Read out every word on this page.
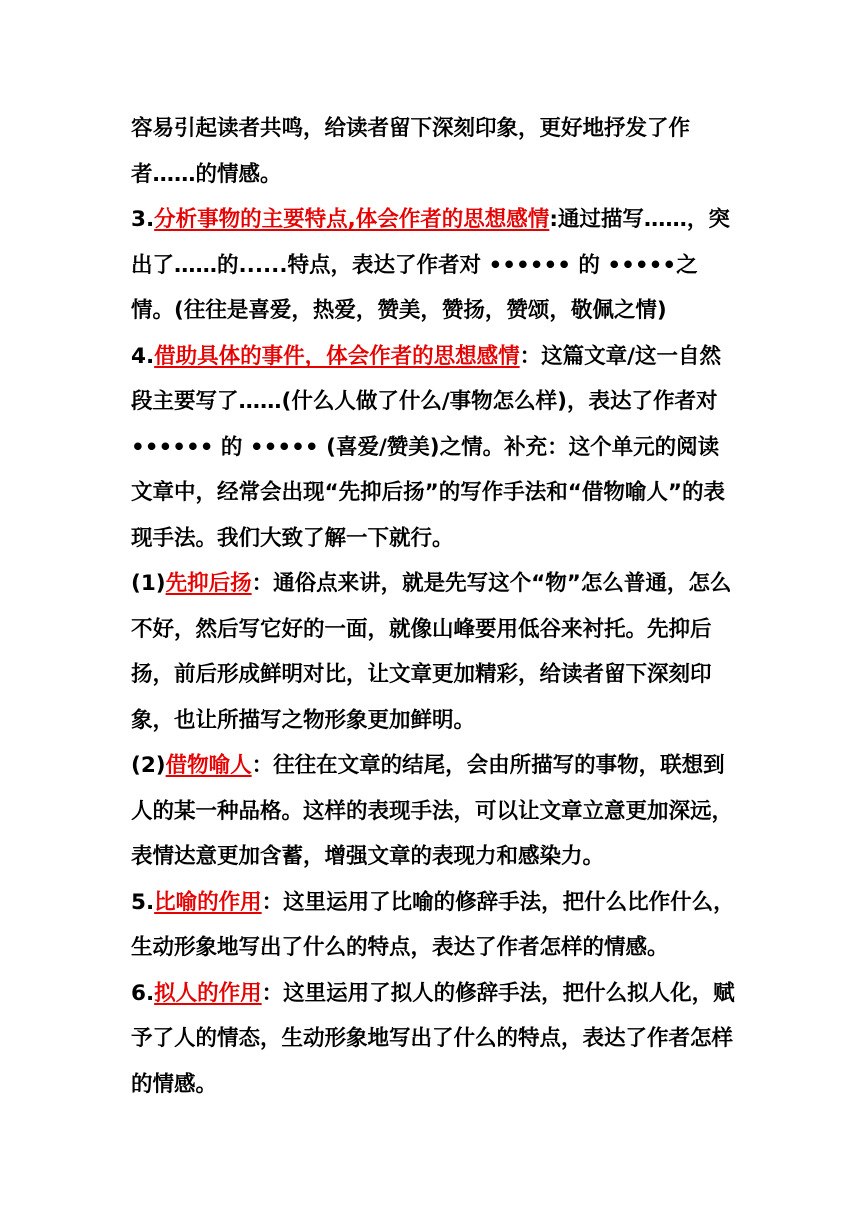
容易引起读者共鸣，给读者留下深刻印象，更好地抒发了作者……的情感。

3.分析事物的主要特点,体会作者的思想感情:通过描写……，突出了……的......特点，表达了作者对 •••••• 的 •••••之情。(往往是喜爱，热爱，赞美，赞扬，赞颂，敬佩之情)

4.借助具体的事件，体会作者的思想感情：这篇文章/这一自然段主要写了……(什么人做了什么/事物怎么样)，表达了作者对 •••••• 的 ••••• (喜爱/赞美)之情。补充：这个单元的阅读文章中，经常会出现“先抑后扬”的写作手法和“借物喻人”的表现手法。我们大致了解一下就行。

(1)先抑后扬：通俗点来讲，就是先写这个“物”怎么普通，怎么不好，然后写它好的一面，就像山峰要用低谷来衬托。先抑后扬，前后形成鲜明对比，让文章更加精彩，给读者留下深刻印象，也让所描写之物形象更加鲜明。

(2)借物喻人：往往在文章的结尾，会由所描写的事物，联想到人的某一种品格。这样的表现手法，可以让文章立意更加深远，表情达意更加含蓄，增强文章的表现力和感染力。

5.比喻的作用：这里运用了比喻的修辞手法，把什么比作什么，生动形象地写出了什么的特点，表达了作者怎样的情感。

6.拟人的作用：这里运用了拟人的修辞手法，把什么拟人化，赋予了人的情态，生动形象地写出了什么的特点，表达了作者怎样的情感。
